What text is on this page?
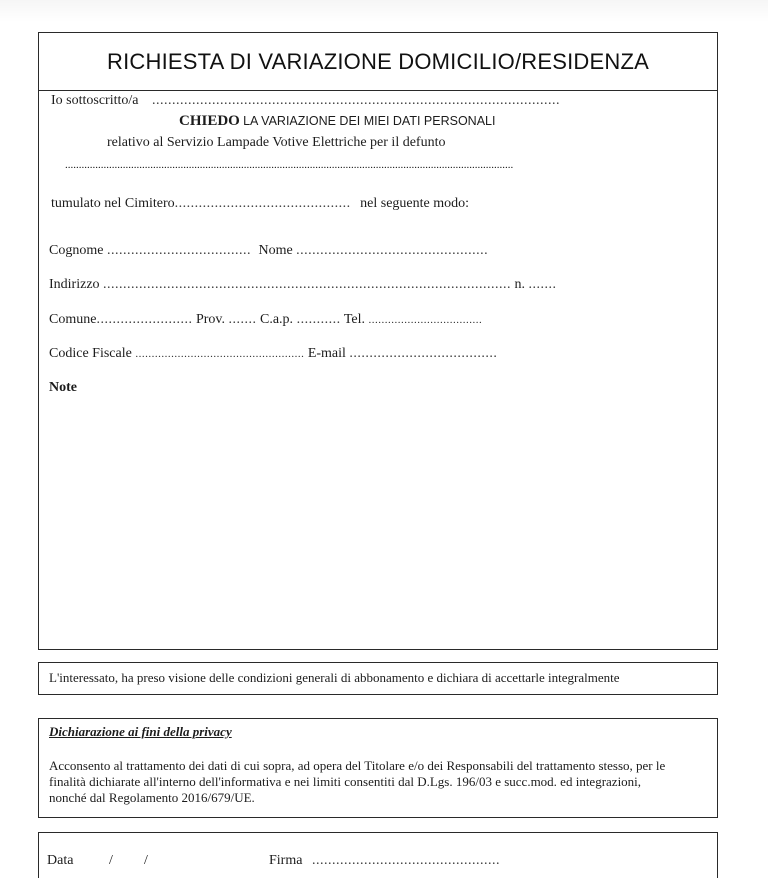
RICHIESTA DI VARIAZIONE DOMICILIO/RESIDENZA
Io sottoscritto/a ......................................................................................................
CHIEDO LA VARIAZIONE DEI MIEI DATI PERSONALI
relativo al Servizio Lampade Votive Elettriche per il defunto
...................................................................................................................................................................
tumulato nel Cimitero............................................ nel seguente modo:
Cognome .................................... Nome ................................................
Indirizzo ...................................................................................................... n. .......
Comune........................ Prov. ....... C.a.p. ........... Tel. ...................................
Codice Fiscale .................................................... E-mail .....................................
Note
L'interessato, ha preso visione delle condizioni generali di abbonamento e dichiara di accettarle integralmente
Dichiarazione ai fini della privacy
Acconsento al trattamento dei dati di cui sopra, ad opera del Titolare e/o dei Responsabili del trattamento stesso, per le
finalità dichiarate all'interno dell'informativa e nei limiti consentiti dal D.Lgs. 196/03 e succ.mod. ed integrazioni,
nonché dal Regolamento 2016/679/UE.
Data	/ /	Firma ...............................................
